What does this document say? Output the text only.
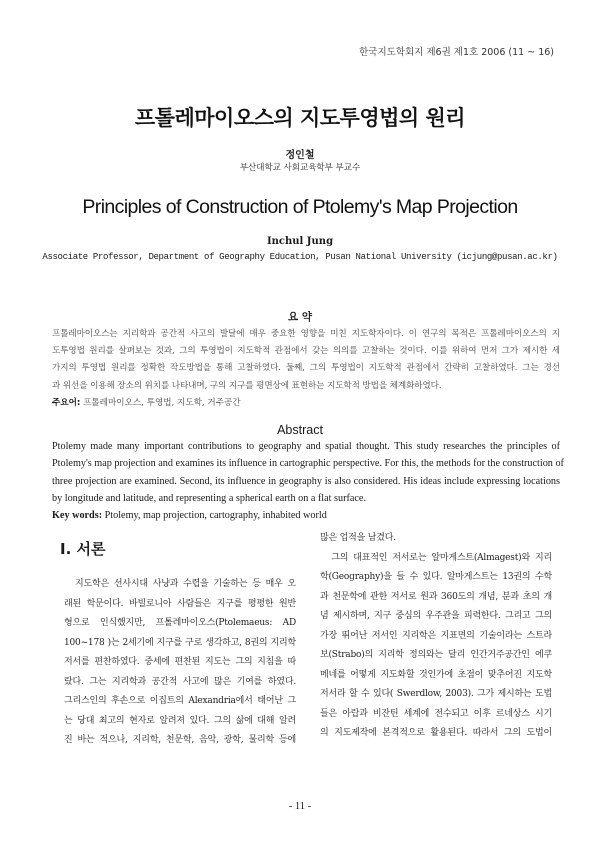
한국지도학회지 제6권 제1호 2006 (11 ~ 16)
프톨레마이오스의 지도투영법의 원리
정인철
부산대학교 사회교육학부 부교수
Principles of Construction of Ptolemy's Map Projection
Inchul Jung
Associate Professor, Department of Geography Education, Pusan National University (icjung@pusan.ac.kr)
요 약
프톨레마이오스는 지리학과 공간적 사고의 발달에 매우 중요한 영향을 미친 지도학자이다. 이 연구의 목적은 프톨레마이오스의 지
도투영법 원리를 살펴보는 것과, 그의 투영법이 지도학적 관점에서 갖는 의의를 고찰하는 것이다. 이를 위하여 먼저 그가 제시한 세
가지의 투영법 원리를 정확한 작도방법을 통해 고찰하였다. 둘째, 그의 투영법이 지도학적 관점에서 간략히 고찰하였다. 그는 경선
과 위선을 이용해 장소의 위치를 나타내며, 구의 지구를 평면상에 표현하는 지도학적 방법을 체계화하였다.
주요어: 프톨레마이오스, 투영법, 지도학, 거주공간
Abstract
Ptolemy made many important contributions to geography and spatial thought. This study researches the principles of
Ptolemy's map projection and examines its influence in cartographic perspective. For this, the methods for the construction of
three projection are examined. Second, its influence in geography is also considered. His ideas include expressing locations
by longitude and latitude, and representing a spherical earth on a flat surface.
Key words: Ptolemy, map projection, cartography, inhabited world
I. 서론
　지도학은 선사시대 사냥과 수렵을 기술하는 등 매우 오
래된 학문이다. 바빌로니아 사람들은 지구를 평평한 원반
형으로 인식했지만, 프톨레마이오스(Ptolemaeus: AD
100~178 )는 2세기에 지구를 구로 생각하고, 8권의 지리학
저서를 편찬하였다. 중세에 편찬된 지도는 그의 지침을 따
랐다. 그는 지리학과 공간적 사고에 많은 기여를 하였다.
그리스인의 후손으로 이집트의 Alexandria에서 태어난 그
는 당대 최고의 현자로 알려져 있다. 그의 삶에 대해 알려
진 바는 적으나, 지리학, 천문학, 음악, 광학, 물리학 등에
많은 업적을 남겼다.
　그의 대표적인 저서로는 알마게스트(Almagest)와 지리
학(Geography)을 들 수 있다. 알마게스트는 13권의 수학
과 천문학에 관한 저서로 원과 360도의 개념, 분과 초의 개
념 제시하며, 지구 중심의 우주관을 피력한다. 그리고 그의
가장 뛰어난 저서인 지리학은 지표면의 기술이라는 스트라
보(Strabo)의 지리학 정의와는 달리 인간거주공간인 에쿠
메네를 어떻게 지도화할 것인가에 초점이 맞추어진 지도학
저서라 할 수 있다( Swerdlow, 2003). 그가 제시하는 도법
들은 아랍과 비잔틴 세계에 전수되고 이후 르네상스 시기
의 지도제작에 본격적으로 활용된다. 따라서 그의 도법이
- 11 -
